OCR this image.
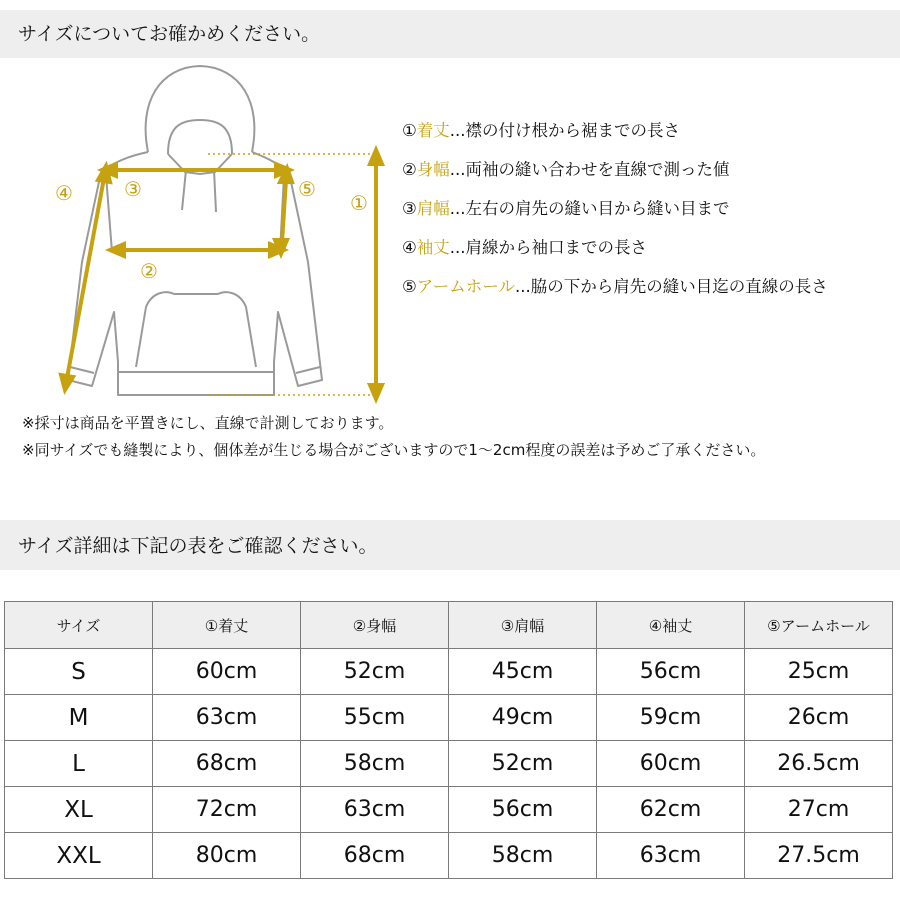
サイズについてお確かめください。
④	③	⑤
①
②
①着丈...襟の付け根から裾までの長さ
②身幅...両袖の縫い合わせを直線で測った値
③肩幅...左右の肩先の縫い目から縫い目まで
④袖丈...肩線から袖口までの長さ
⑤アームホール...脇の下から肩先の縫い目迄の直線の長さ
※採寸は商品を平置きにし、直線で計測しております。
※同サイズでも縫製により、個体差が生じる場合がございますので1～2cm程度の誤差は予めご了承ください。
サイズ詳細は下記の表をご確認ください。
サイズ	①着丈	②身幅	③肩幅	④袖丈	⑤アームホール
S	60cm	52cm	45cm	56cm	25cm
M	63cm	55cm	49cm	59cm	26cm
L	68cm	58cm	52cm	60cm	26.5cm
XL	72cm	63cm	56cm	62cm	27cm
XXL	80cm	68cm	58cm	63cm	27.5cm
